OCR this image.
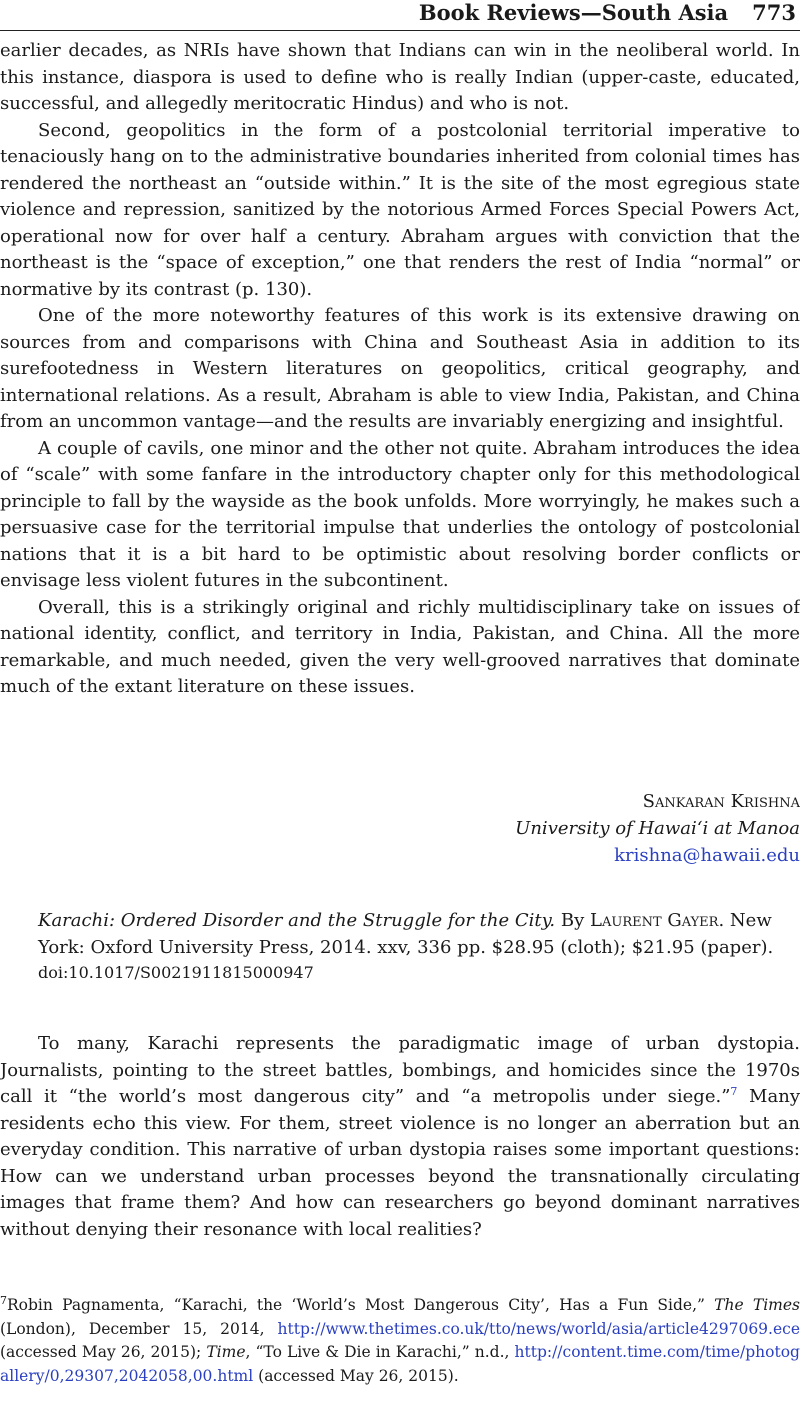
Book Reviews—South Asia 773

earlier decades, as NRIs have shown that Indians can win in the neoliberal world. In this instance, diaspora is used to define who is really Indian (upper-caste, educated, successful, and allegedly meritocratic Hindus) and who is not.

Second, geopolitics in the form of a postcolonial territorial imperative to tenaciously hang on to the administrative boundaries inherited from colonial times has rendered the northeast an “outside within.” It is the site of the most egregious state violence and repression, sanitized by the notorious Armed Forces Special Powers Act, operational now for over half a century. Abraham argues with conviction that the northeast is the “space of exception,” one that renders the rest of India “normal” or normative by its contrast (p. 130).

One of the more noteworthy features of this work is its extensive drawing on sources from and comparisons with China and Southeast Asia in addition to its surefootedness in Western literatures on geopolitics, critical geography, and international relations. As a result, Abraham is able to view India, Pakistan, and China from an uncommon vantage—and the results are invariably energizing and insightful.

A couple of cavils, one minor and the other not quite. Abraham introduces the idea of “scale” with some fanfare in the introductory chapter only for this methodological principle to fall by the wayside as the book unfolds. More worryingly, he makes such a persuasive case for the territorial impulse that underlies the ontology of postcolonial nations that it is a bit hard to be optimistic about resolving border conflicts or envisage less violent futures in the subcontinent.

Overall, this is a strikingly original and richly multidisciplinary take on issues of national identity, conflict, and territory in India, Pakistan, and China. All the more remarkable, and much needed, given the very well-grooved narratives that dominate much of the extant literature on these issues.

Sankaran Krishna
University of Hawai‘i at Manoa
krishna@hawaii.edu
Karachi: Ordered Disorder and the Struggle for the City. By Laurent Gayer. New York: Oxford University Press, 2014. xxv, 336 pp. $28.95 (cloth); $21.95 (paper).
doi:10.1017/S0021911815000947

To many, Karachi represents the paradigmatic image of urban dystopia. Journalists, pointing to the street battles, bombings, and homicides since the 1970s call it “the world’s most dangerous city” and “a metropolis under siege.”$^7$ Many residents echo this view. For them, street violence is no longer an aberration but an everyday condition. This narrative of urban dystopia raises some important questions: How can we understand urban processes beyond the transnationally circulating images that frame them? And how can researchers go beyond dominant narratives without denying their resonance with local realities?

$^7$Robin Pagnamenta, “Karachi, the ‘World’s Most Dangerous City’, Has a Fun Side,” The Times (London), December 15, 2014, http://www.thetimes.co.uk/tto/news/world/asia/article4297069.ece (accessed May 26, 2015); Time, “To Live & Die in Karachi,” n.d., http://content.time.com/time/photogallery/0,29307,2042058,00.html (accessed May 26, 2015).
